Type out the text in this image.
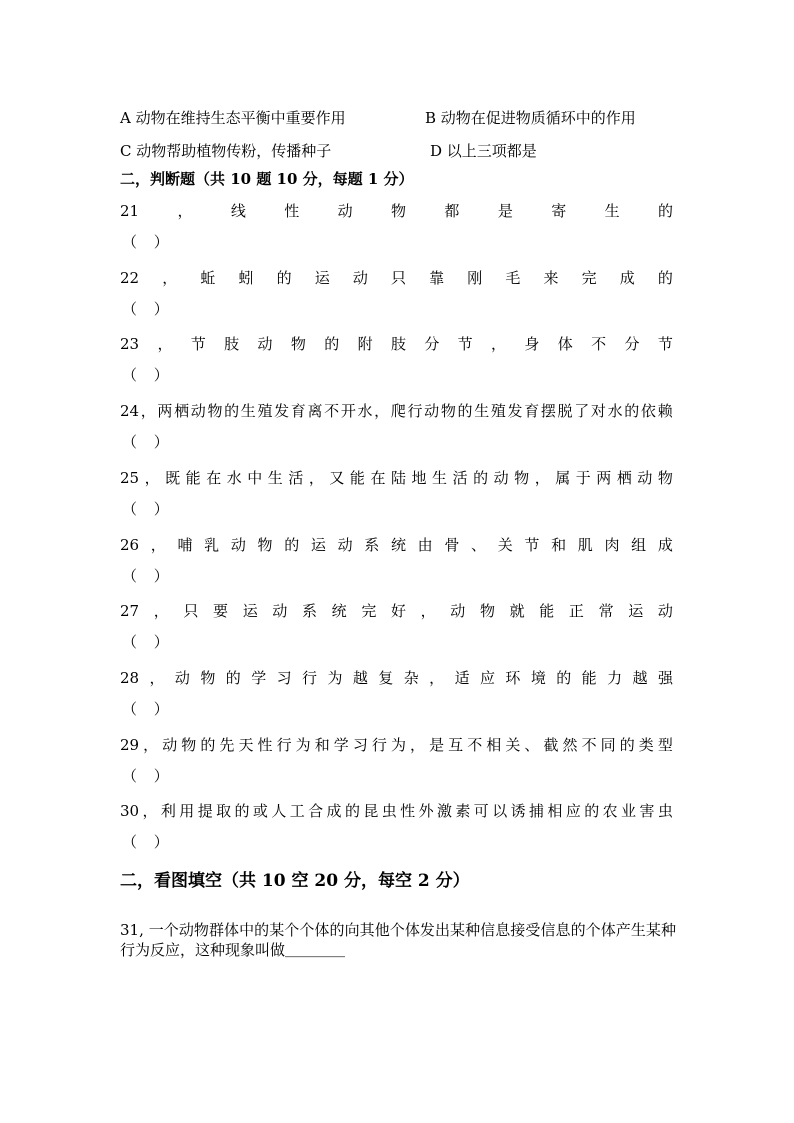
A 动物在维持生态平衡中重要作用	B 动物在促进物质循环中的作用
C 动物帮助植物传粉，传播种子	D 以上三项都是
二，判断题（共 10 题 10 分，每题 1 分）
21	，	线	性	动	物	都	是	寄	生	的
（ ）
22 ， 蚯 蚓 的 运 动 只 靠 刚 毛 来 完 成 的
（ ）
23 ， 节 肢 动 物 的 附 肢 分 节 ， 身 体 不 分 节
（ ）
24 ， 两 栖 动 物 的 生 殖 发 育 离 不 开 水 ， 爬 行 动 物 的 生 殖 发 育 摆 脱 了 对 水 的 依 赖
（ ）
25 ， 既 能 在 水 中 生 活 ， 又 能 在 陆 地 生 活 的 动 物 ， 属 于 两 栖 动 物
（ ）
26 ， 哺 乳 动 物 的 运 动 系 统 由 骨 、 关 节 和 肌 肉 组 成
（ ）
27 ， 只 要 运 动 系 统 完 好 ， 动 物 就 能 正 常 运 动
（ ）
28 ， 动 物 的 学 习 行 为 越 复 杂 ， 适 应 环 境 的 能 力 越 强
（ ）
29 ， 动 物 的 先 天 性 行 为 和 学 习 行 为 ， 是 互 不 相 关 、 截 然 不 同 的 类 型
（ ）
30 ， 利 用 提 取 的 或 人 工 合 成 的 昆 虫 性 外 激 素 可 以 诱 捕 相 应 的 农 业 害 虫
（ ）
二，看图填空（共 10 空 20 分，每空 2 分）
31, 一个动物群体中的某个个体的向其他个体发出某种信息接受信息的个体产生某种行为反应，这种现象叫做＿＿＿＿
